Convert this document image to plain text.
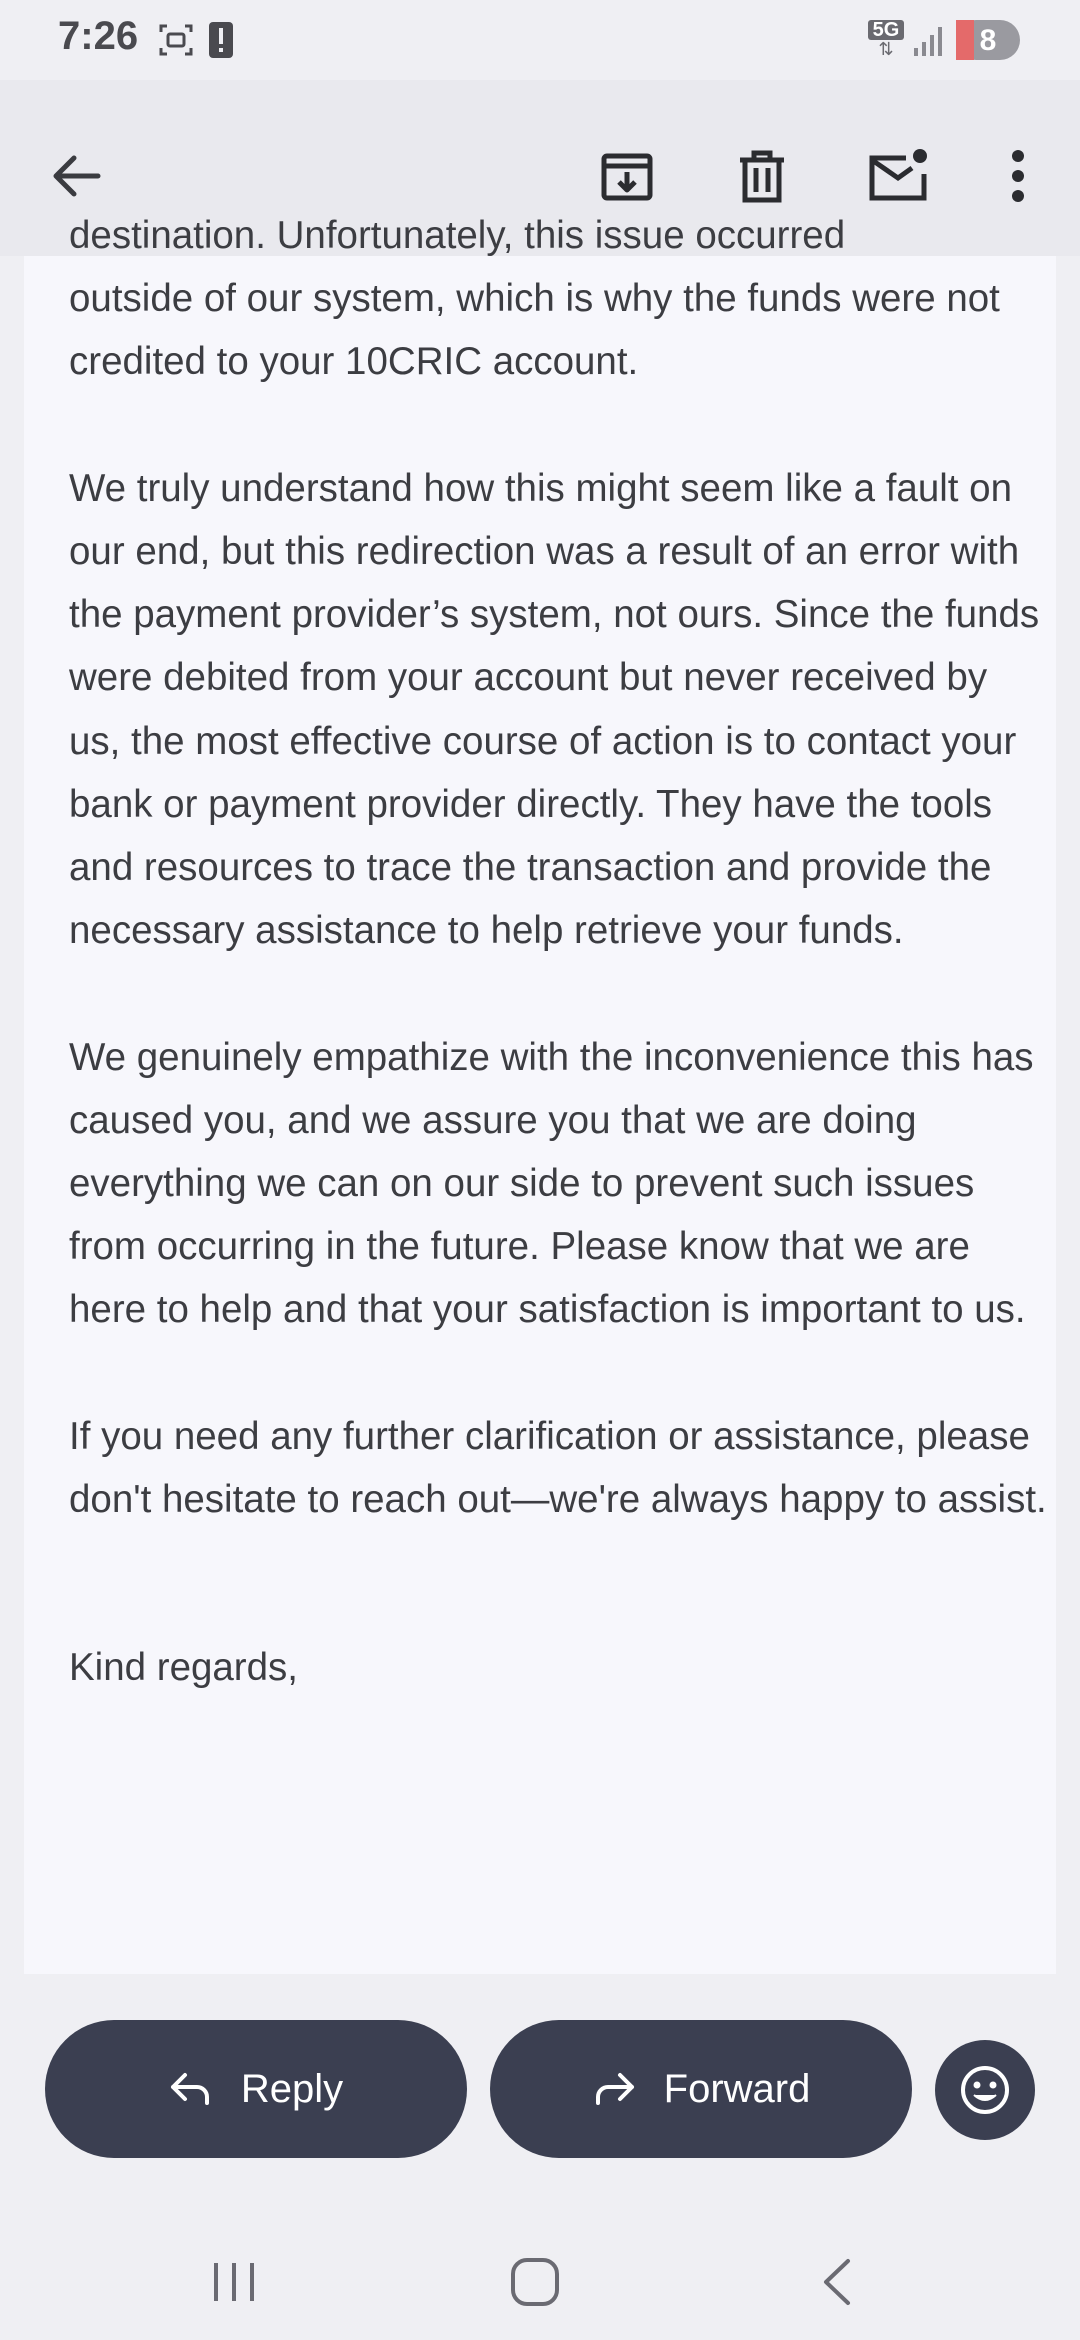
7:26	5G
⇅	8
destination. Unfortunately, this issue occurred

outside of our system, which is why the funds were not credited to your 10CRIC account.

We truly understand how this might seem like a fault on our end, but this redirection was a result of an error with the payment provider’s system, not ours. Since the funds were debited from your account but never received by us, the most effective course of action is to contact your bank or payment provider directly. They have the tools and resources to trace the transaction and provide the necessary assistance to help retrieve your funds.

We genuinely empathize with the inconvenience this has caused you, and we assure you that we are doing everything we can on our side to prevent such issues from occurring in the future. Please know that we are here to help and that your satisfaction is important to us.

If you need any further clarification or assistance, please don't hesitate to reach out—we're always happy to assist.

Kind regards,

Reply	Forward
